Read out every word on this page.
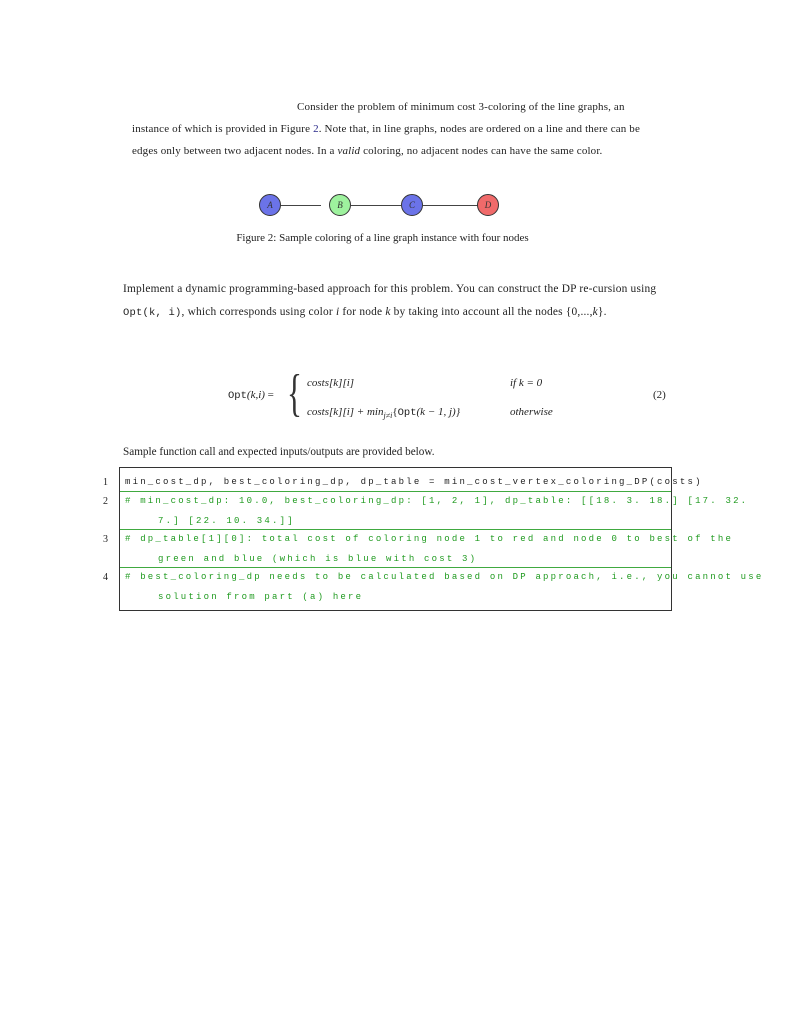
Consider the problem of minimum cost 3-coloring of the line graphs, an
instance of which is provided in Figure 2. Note that, in line graphs, nodes are ordered on a line and there can be edges only between two adjacent nodes. In a valid coloring, no adjacent nodes can have the same color.
A	B	C	D
Figure 2: Sample coloring of a line graph instance with four nodes
Implement a dynamic programming-based approach for this problem. You can construct the DP re-cursion using Opt(k, i), which corresponds using color i for node k by taking into account all the nodes {0,...,k}.
Opt(k,i) = { costs[k][i]	if k = 0
costs[k][i] + $\min_{j\ne i}\{Opt(k - 1$, j)}	otherwise
(2)
Sample function call and expected inputs/outputs are provided below.
1
2
3
4
min_cost_dp, best_coloring_dp, dp_table = min_cost_vertex_coloring_DP(costs)
# min_cost_dp: 10.0, best_coloring_dp: [1, 2, 1], dp_table: [[18. 3. 18.] [17. 32.
7.] [22. 10. 34.]]
# dp_table[1][0]: total cost of coloring node 1 to red and node 0 to best of the
green and blue (which is blue with cost 3)
# best_coloring_dp needs to be calculated based on DP approach, i.e., you cannot use
solution from part (a) here
